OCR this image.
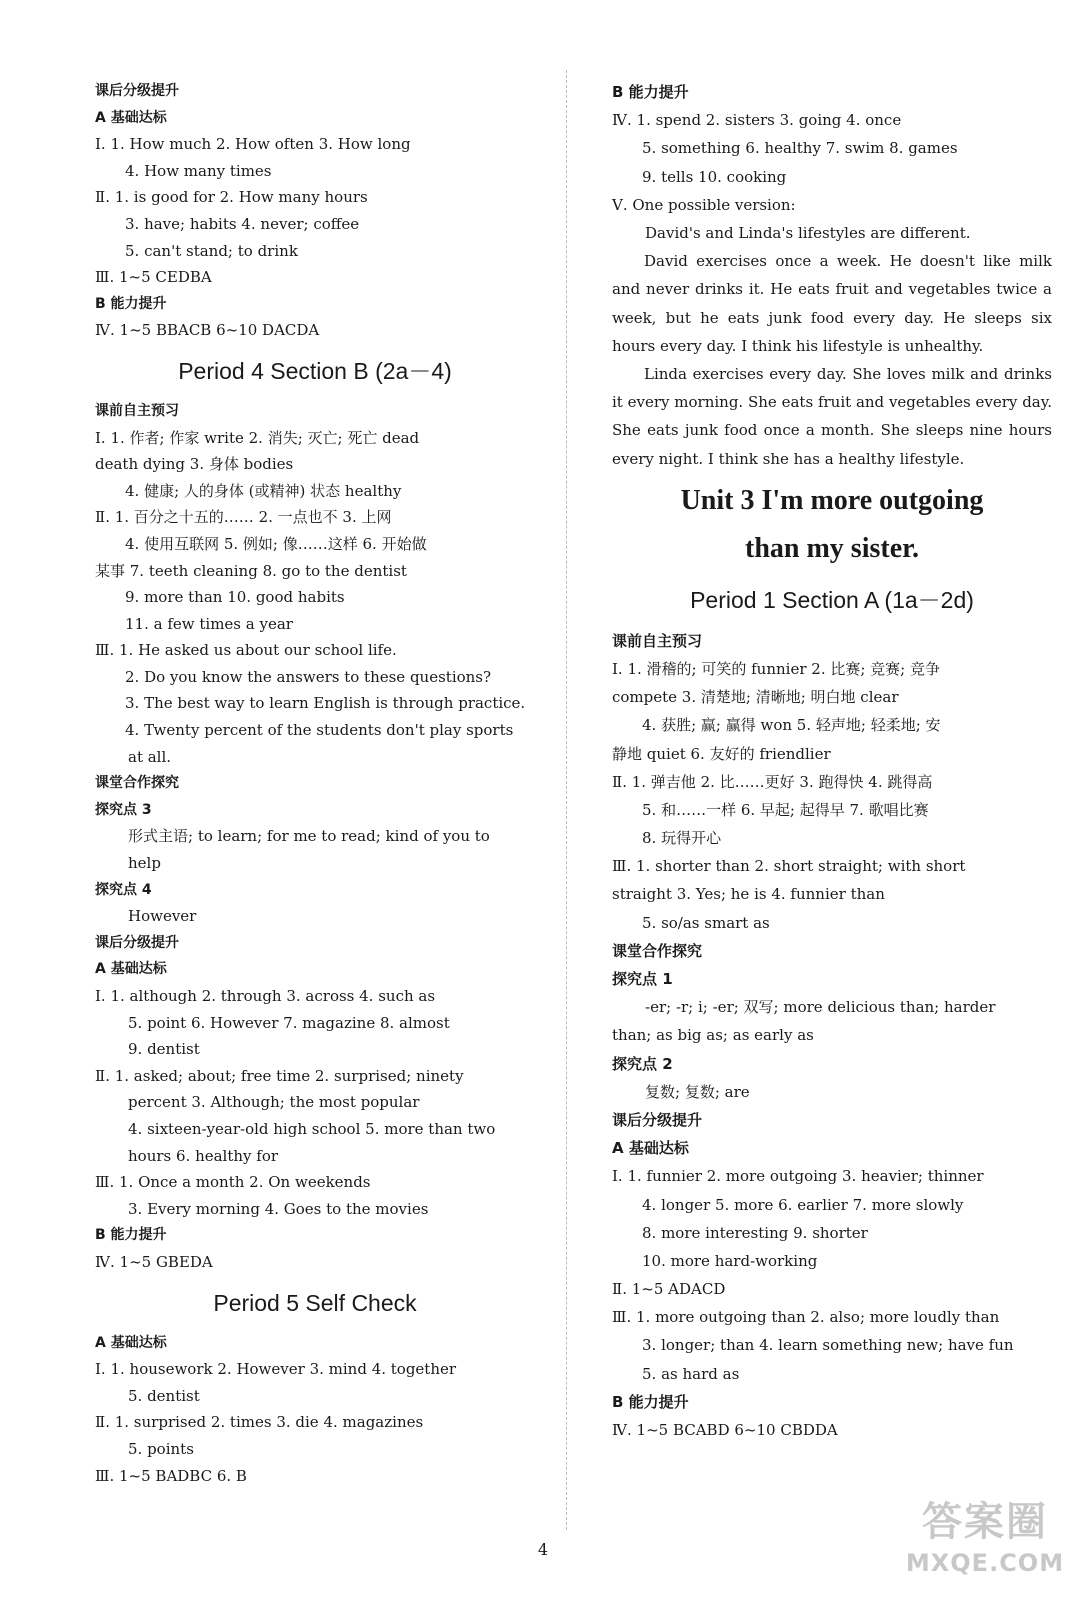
课后分级提升
A 基础达标
Ⅰ. 1. How much 2. How often 3. How long
4. How many times
Ⅱ. 1. is good for 2. How many hours
3. have; habits 4. never; coffee
5. can't stand; to drink
Ⅲ. 1~5 CEDBA
B 能力提升
Ⅳ. 1~5 BBACB 6~10 DACDA
Period 4 Section B (2a－4)
课前自主预习
Ⅰ. 1. 作者; 作家 write 2. 消失; 灭亡; 死亡 dead
death dying 3. 身体 bodies
4. 健康; 人的身体 (或精神) 状态 healthy
Ⅱ. 1. 百分之十五的…… 2. 一点也不 3. 上网
4. 使用互联网 5. 例如; 像……这样 6. 开始做
某事 7. teeth cleaning 8. go to the dentist
9. more than 10. good habits
11. a few times a year
Ⅲ. 1. He asked us about our school life.
2. Do you know the answers to these questions?
3. The best way to learn English is through practice.
4. Twenty percent of the students don't play sports
at all.
课堂合作探究
探究点 3
形式主语; to learn; for me to read; kind of you to
help
探究点 4
However
课后分级提升
A 基础达标
Ⅰ. 1. although 2. through 3. across 4. such as
5. point 6. However 7. magazine 8. almost
9. dentist
Ⅱ. 1. asked; about; free time 2. surprised; ninety
percent 3. Although; the most popular
4. sixteen-year-old high school 5. more than two
hours 6. healthy for
Ⅲ. 1. Once a month 2. On weekends
3. Every morning 4. Goes to the movies
B 能力提升
Ⅳ. 1~5 GBEDA
Period 5 Self Check
A 基础达标
Ⅰ. 1. housework 2. However 3. mind 4. together
5. dentist
Ⅱ. 1. surprised 2. times 3. die 4. magazines
5. points
Ⅲ. 1~5 BADBC 6. B
B 能力提升
Ⅳ. 1. spend 2. sisters 3. going 4. once
5. something 6. healthy 7. swim 8. games
9. tells 10. cooking
Ⅴ. One possible version:
David's and Linda's lifestyles are different.
David exercises once a week. He doesn't like milk and never drinks it. He eats fruit and vegetables twice a week, but he eats junk food every day. He sleeps six hours every day. I think his lifestyle is unhealthy.
Linda exercises every day. She loves milk and drinks it every morning. She eats fruit and vegetables every day. She eats junk food once a month. She sleeps nine hours every night. I think she has a healthy lifestyle.
Unit 3 I'm more outgoing
than my sister.
Period 1 Section A (1a－2d)
课前自主预习
Ⅰ. 1. 滑稽的; 可笑的 funnier 2. 比赛; 竞赛; 竞争
compete 3. 清楚地; 清晰地; 明白地 clear
4. 获胜; 赢; 赢得 won 5. 轻声地; 轻柔地; 安
静地 quiet 6. 友好的 friendlier
Ⅱ. 1. 弹吉他 2. 比……更好 3. 跑得快 4. 跳得高
5. 和……一样 6. 早起; 起得早 7. 歌唱比赛
8. 玩得开心
Ⅲ. 1. shorter than 2. short straight; with short
straight 3. Yes; he is 4. funnier than
5. so/as smart as
课堂合作探究
探究点 1
-er; -r; i; -er; 双写; more delicious than; harder
than; as big as; as early as
探究点 2
复数; 复数; are
课后分级提升
A 基础达标
Ⅰ. 1. funnier 2. more outgoing 3. heavier; thinner
4. longer 5. more 6. earlier 7. more slowly
8. more interesting 9. shorter
10. more hard-working
Ⅱ. 1~5 ADACD
Ⅲ. 1. more outgoing than 2. also; more loudly than
3. longer; than 4. learn something new; have fun
5. as hard as
B 能力提升
Ⅳ. 1~5 BCABD 6~10 CBDDA
4
答案圈
MXQE.COM
